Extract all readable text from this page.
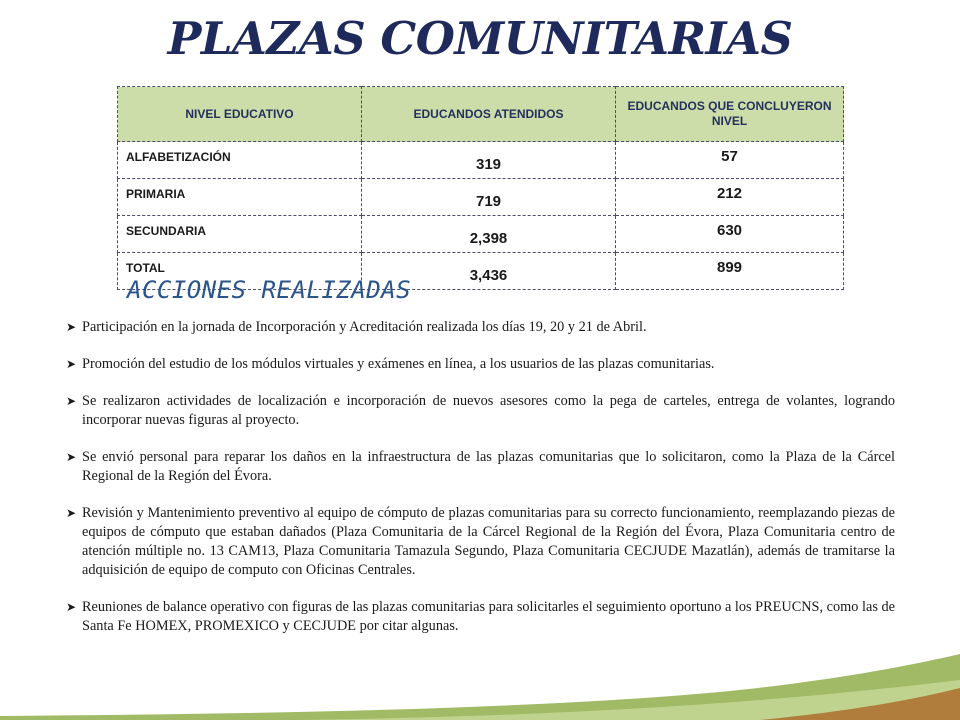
PLAZAS COMUNITARIAS
NIVEL EDUCATIVO	EDUCANDOS ATENDIDOS	EDUCANDOS QUE CONCLUYERON NIVEL
ALFABETIZACIÓN	319	57
PRIMARIA	719	212
SECUNDARIA	2,398	630
TOTAL	3,436	899
ACCIONES REALIZADAS
➤ Participación en la jornada de Incorporación y Acreditación realizada los días 19, 20 y 21 de Abril.
➤ Promoción del estudio de los módulos virtuales y exámenes en línea, a los usuarios de las plazas comunitarias.
➤ Se realizaron actividades de localización e incorporación de nuevos asesores como la pega de carteles, entrega de volantes, logrando incorporar nuevas figuras al proyecto.
➤ Se envió personal para reparar los daños en la infraestructura de las plazas comunitarias que lo solicitaron, como la Plaza de la Cárcel Regional de la Región del Évora.
➤ Revisión y Mantenimiento preventivo al equipo de cómputo de plazas comunitarias para su correcto funcionamiento, reemplazando piezas de equipos de cómputo que estaban dañados (Plaza Comunitaria de la Cárcel Regional de la Región del Évora, Plaza Comunitaria centro de atención múltiple no. 13 CAM13, Plaza Comunitaria Tamazula Segundo, Plaza Comunitaria CECJUDE Mazatlán), además de tramitarse la adquisición de equipo de computo con Oficinas Centrales.
➤ Reuniones de balance operativo con figuras de las plazas comunitarias para solicitarles el seguimiento oportuno a los PREUCNS, como las de Santa Fe HOMEX, PROMEXICO y CECJUDE por citar algunas.
